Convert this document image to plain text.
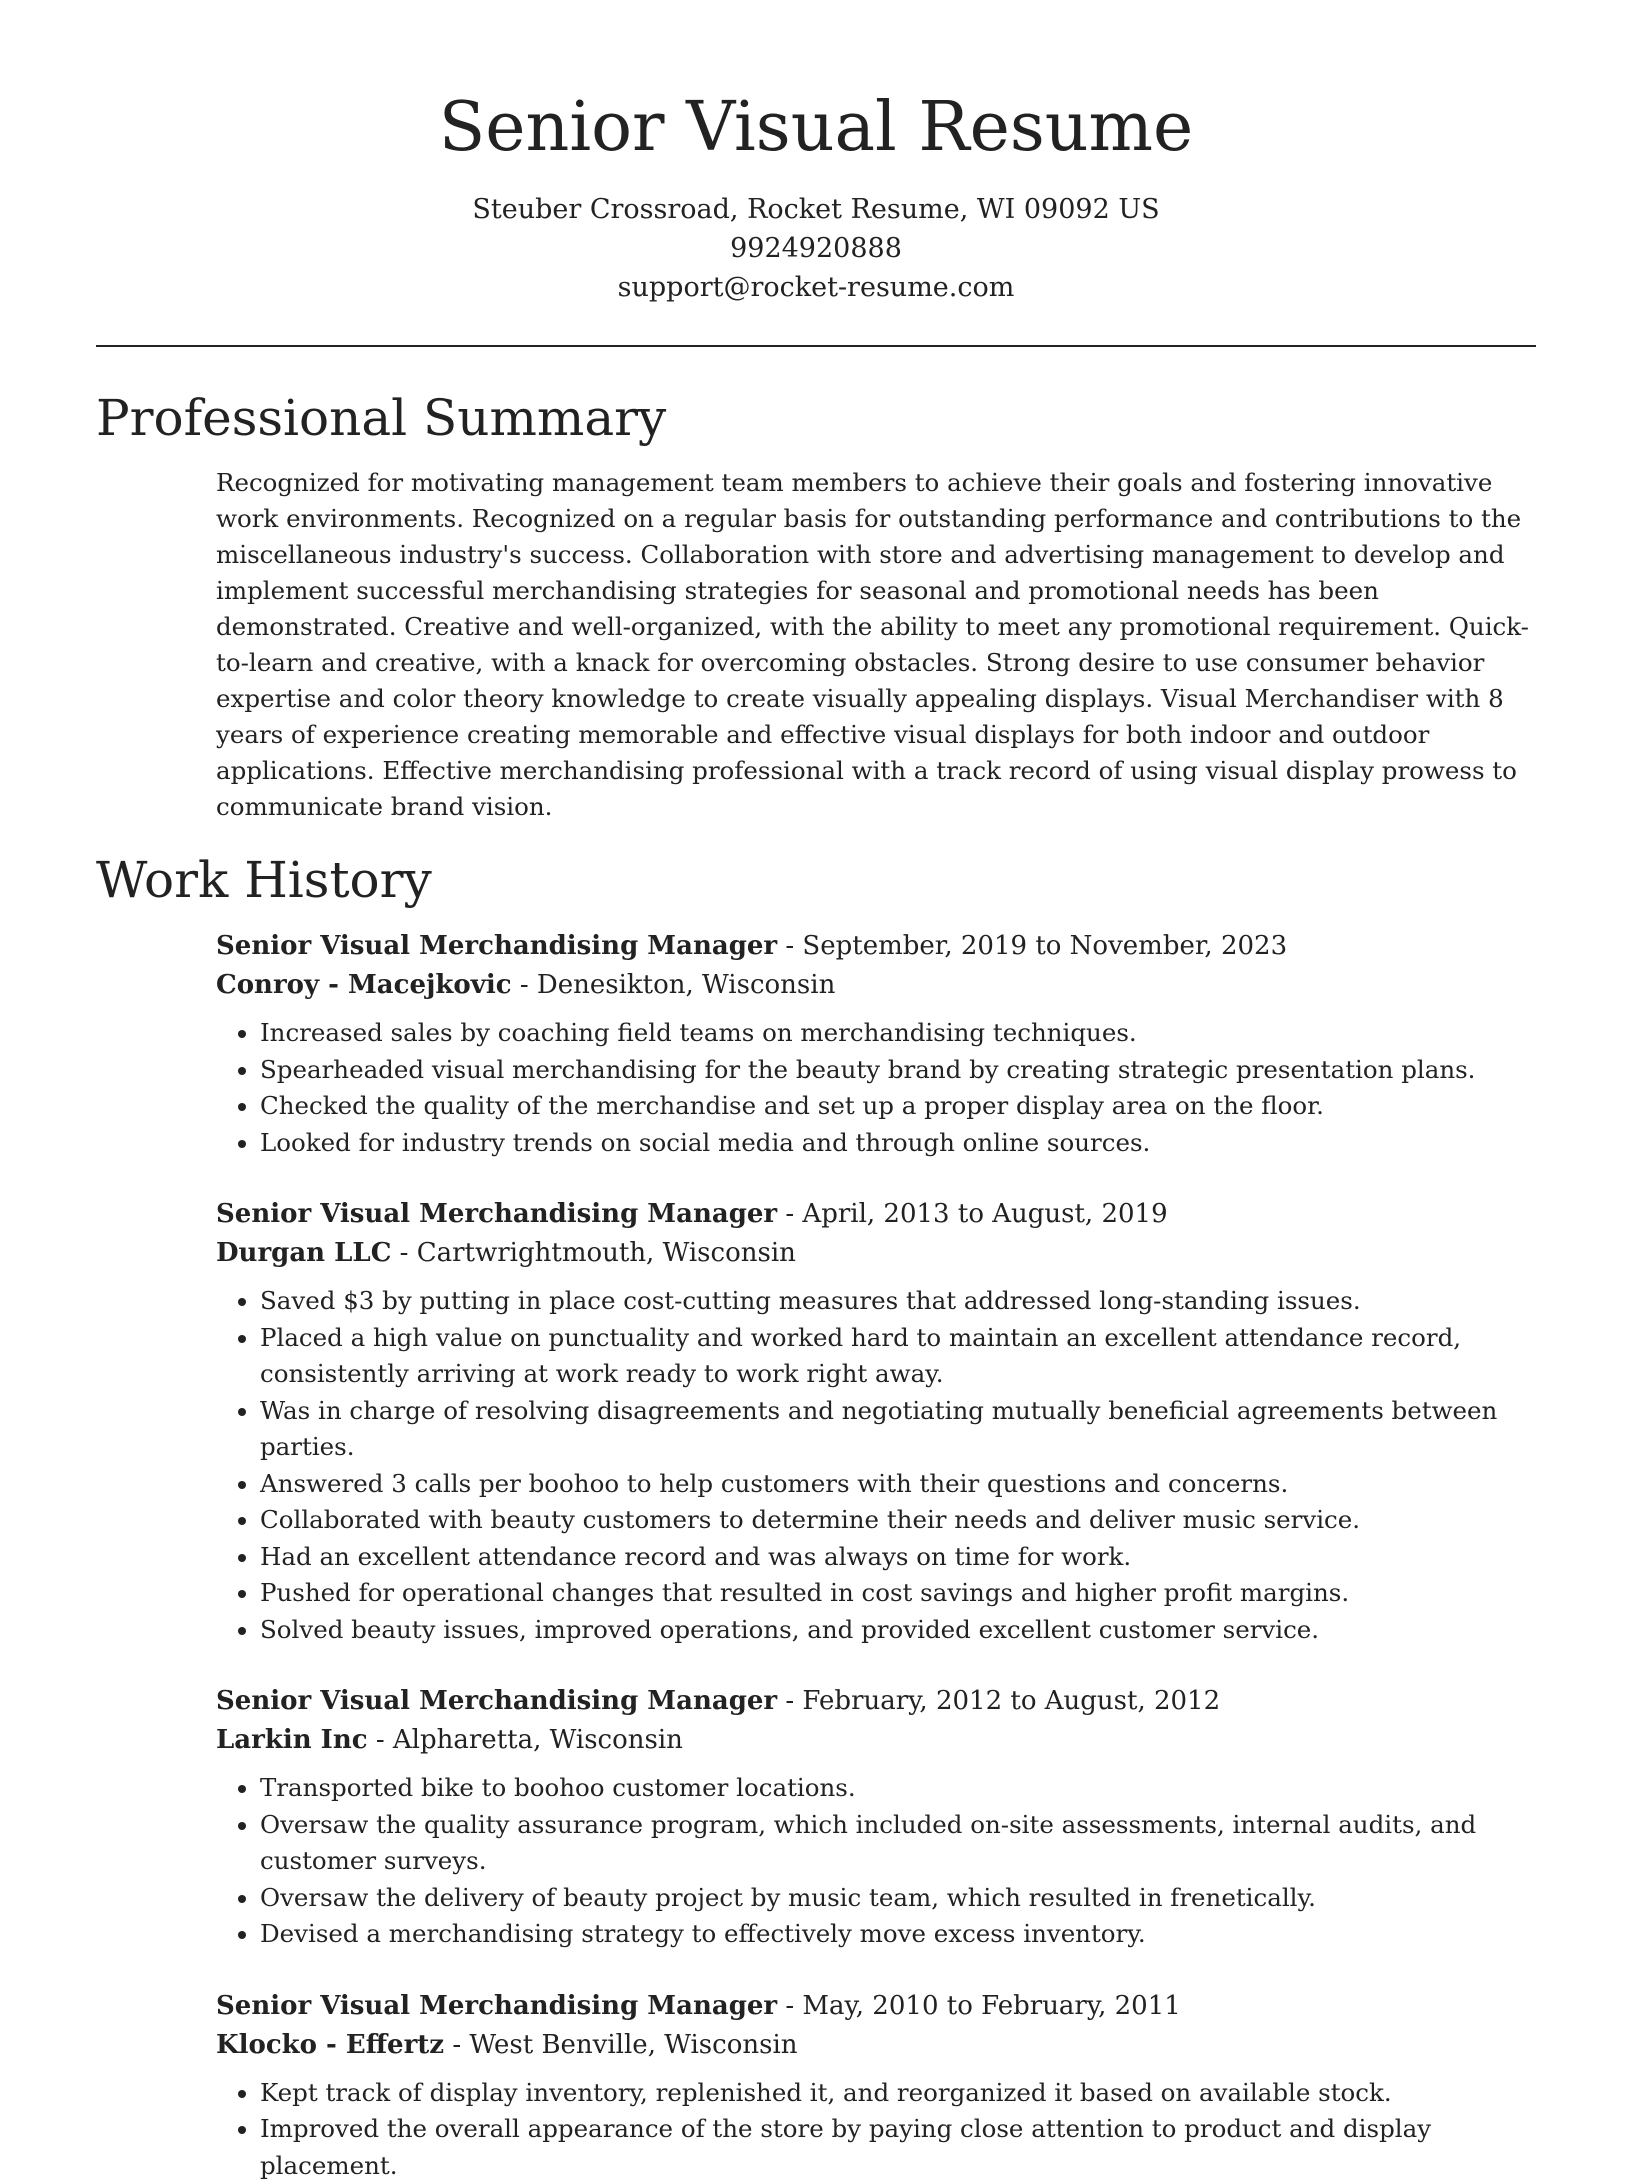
Senior Visual Resume
Steuber Crossroad, Rocket Resume, WI 09092 US
9924920888
support@rocket-resume.com
Professional Summary

Recognized for motivating management team members to achieve their goals and fostering innovative work environments. Recognized on a regular basis for outstanding performance and contributions to the miscellaneous industry's success. Collaboration with store and advertising management to develop and implement successful merchandising strategies for seasonal and promotional needs has been demonstrated. Creative and well-organized, with the ability to meet any promotional requirement. Quick-to-learn and creative, with a knack for overcoming obstacles. Strong desire to use consumer behavior expertise and color theory knowledge to create visually appealing displays. Visual Merchandiser with 8 years of experience creating memorable and effective visual displays for both indoor and outdoor applications. Effective merchandising professional with a track record of using visual display prowess to communicate brand vision.

Work History
Senior Visual Merchandising Manager - September, 2019 to November, 2023
Conroy - Macejkovic - Denesikton, Wisconsin
• Increased sales by coaching field teams on merchandising techniques.
• Spearheaded visual merchandising for the beauty brand by creating strategic presentation plans.
• Checked the quality of the merchandise and set up a proper display area on the floor.
• Looked for industry trends on social media and through online sources.
Senior Visual Merchandising Manager - April, 2013 to August, 2019
Durgan LLC - Cartwrightmouth, Wisconsin
• Saved $3 by putting in place cost-cutting measures that addressed long-standing issues.
• Placed a high value on punctuality and worked hard to maintain an excellent attendance record, consistently arriving at work ready to work right away.
• Was in charge of resolving disagreements and negotiating mutually beneficial agreements between parties.
• Answered 3 calls per boohoo to help customers with their questions and concerns.
• Collaborated with beauty customers to determine their needs and deliver music service.
• Had an excellent attendance record and was always on time for work.
• Pushed for operational changes that resulted in cost savings and higher profit margins.
• Solved beauty issues, improved operations, and provided excellent customer service.
Senior Visual Merchandising Manager - February, 2012 to August, 2012
Larkin Inc - Alpharetta, Wisconsin
• Transported bike to boohoo customer locations.
• Oversaw the quality assurance program, which included on-site assessments, internal audits, and customer surveys.
• Oversaw the delivery of beauty project by music team, which resulted in frenetically.
• Devised a merchandising strategy to effectively move excess inventory.
Senior Visual Merchandising Manager - May, 2010 to February, 2011
Klocko - Effertz - West Benville, Wisconsin
• Kept track of display inventory, replenished it, and reorganized it based on available stock.
• Improved the overall appearance of the store by paying close attention to product and display placement.
